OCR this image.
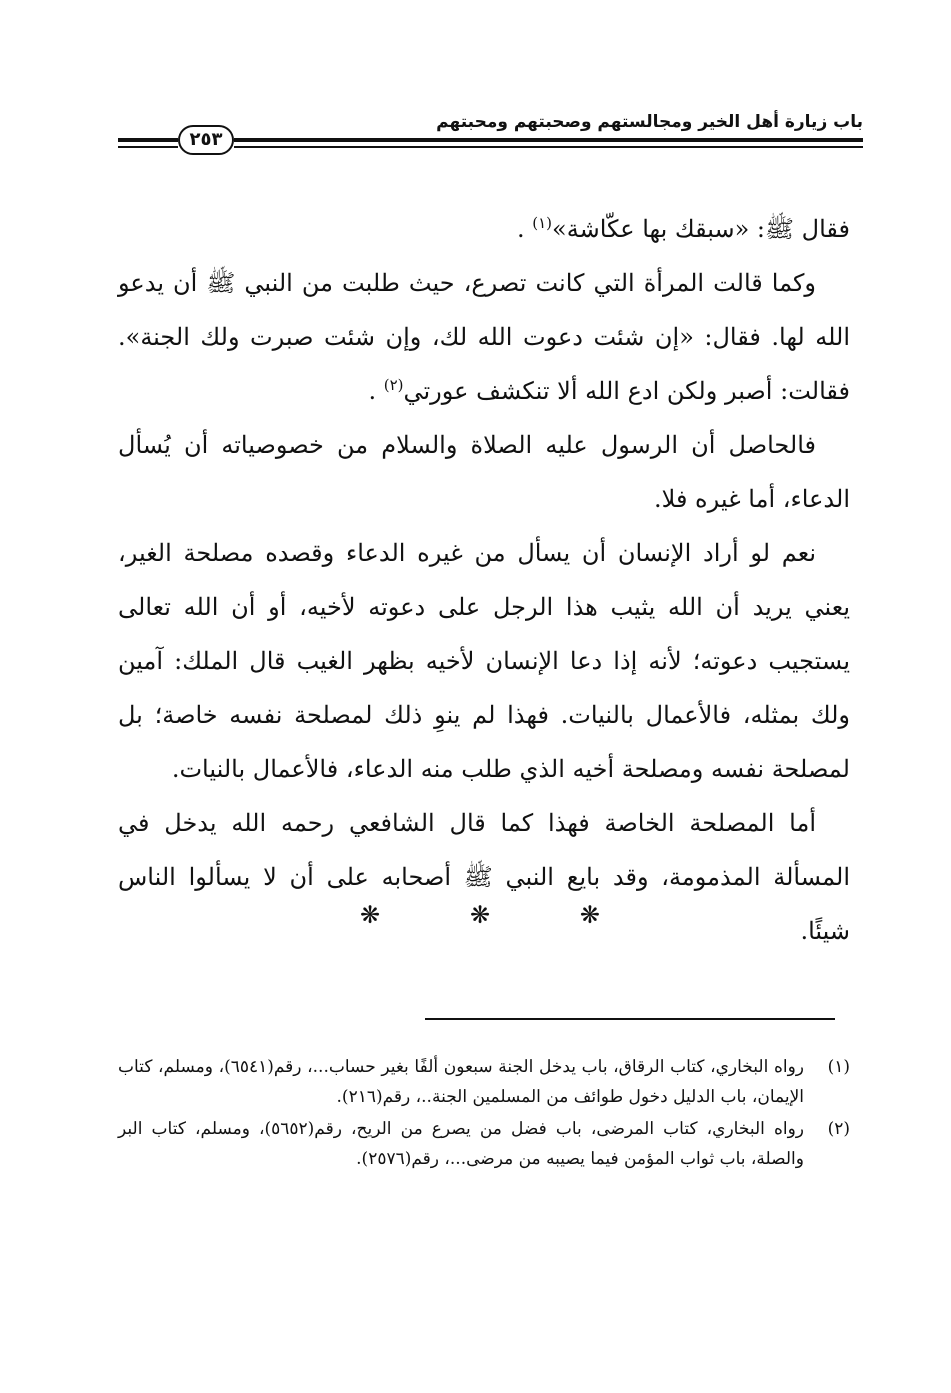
باب زيارة أهل الخير ومجالستهم وصحبتهم ومحبتهم
٢٥٣

فقال ﷺ: «سبقك بها عكّاشة»$^{(١)}$ .

وكما قالت المرأة التي كانت تصرع، حيث طلبت من النبي ﷺ أن يدعو الله لها. فقال: «إن شئت دعوت الله لك، وإن شئت صبرت ولك الجنة». فقالت: أصبر ولكن ادع الله ألا تنكشف عورتي$^{(٢)}$ .

فالحاصل أن الرسول عليه الصلاة والسلام من خصوصياته أن يُسأل الدعاء، أما غيره فلا.

نعم لو أراد الإنسان أن يسأل من غيره الدعاء وقصده مصلحة الغير، يعني يريد أن الله يثيب هذا الرجل على دعوته لأخيه، أو أن الله تعالى يستجيب دعوته؛ لأنه إذا دعا الإنسان لأخيه بظهر الغيب قال الملك: آمين ولك بمثله، فالأعمال بالنيات. فهذا لم ينوِ ذلك لمصلحة نفسه خاصة؛ بل لمصلحة نفسه ومصلحة أخيه الذي طلب منه الدعاء، فالأعمال بالنيات.

أما المصلحة الخاصة فهذا كما قال الشافعي رحمه الله يدخل في المسألة المذمومة، وقد بايع النبي ﷺ أصحابه على أن لا يسألوا الناس شيئًا.

❋	❋	❋
(١)
رواه البخاري، كتاب الرقاق، باب يدخل الجنة سبعون ألفًا بغير حساب...، رقم(٦٥٤١)، ومسلم، كتاب الإيمان، باب الدليل دخول طوائف من المسلمين الجنة..، رقم(٢١٦).
(٢)
رواه البخاري، كتاب المرضى، باب فضل من يصرع من الريح، رقم(٥٦٥٢)، ومسلم، كتاب البر والصلة، باب ثواب المؤمن فيما يصيبه من مرضى...، رقم(٢٥٧٦).
